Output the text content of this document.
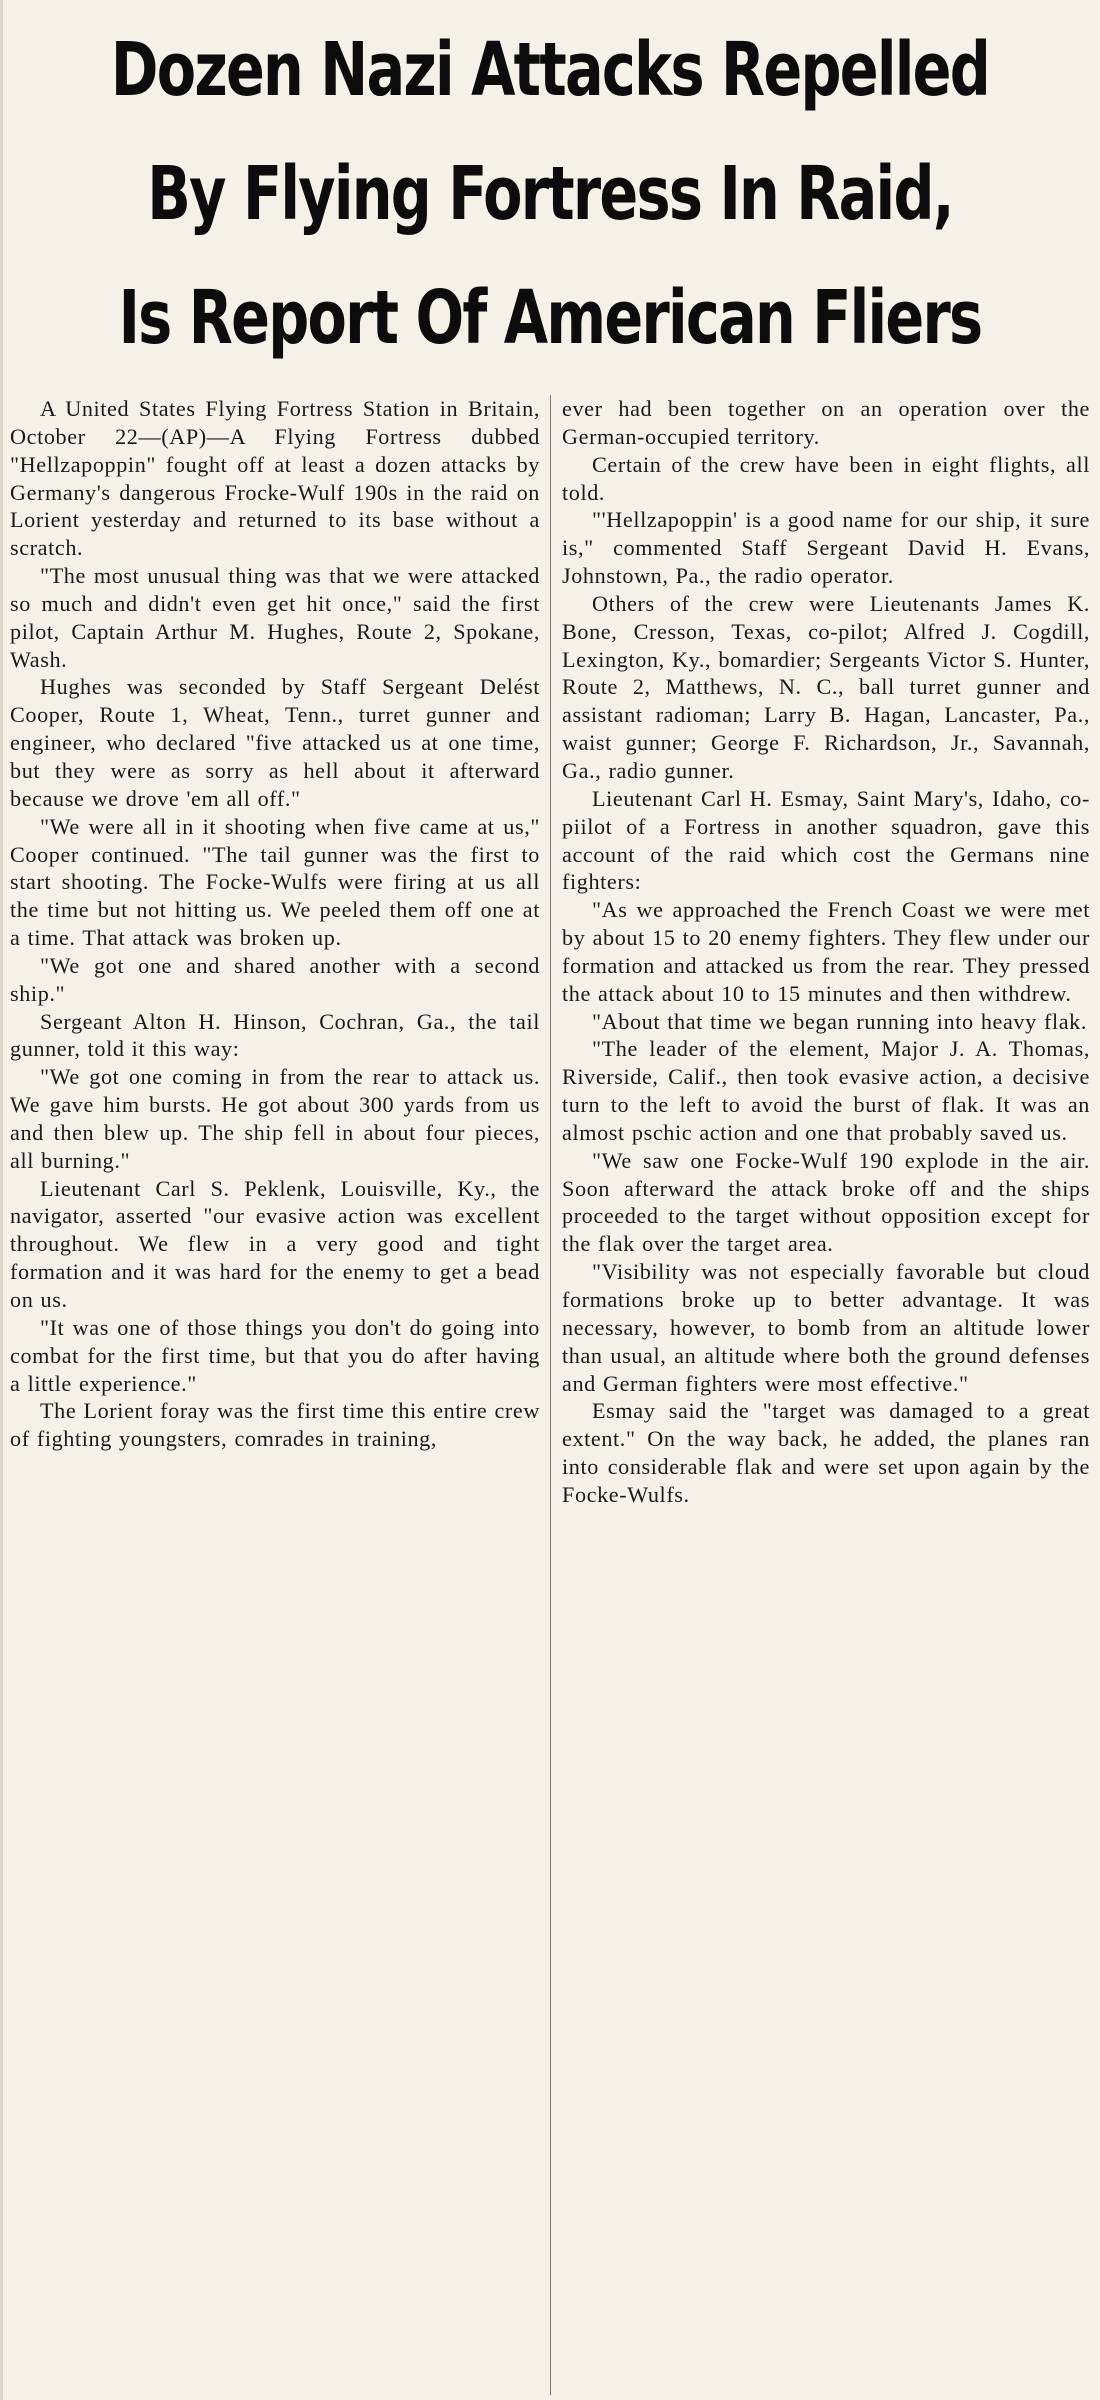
Dozen Nazi Attacks Repelled
By Flying Fortress In Raid,
Is Report Of American Fliers

A United States Flying Fortress Station in Britain, October 22—(AP)—A Flying Fortress dubbed "Hellzapoppin" fought off at least a dozen attacks by Germany's dangerous Frocke-Wulf 190s in the raid on Lorient yesterday and returned to its base without a scratch.

"The most unusual thing was that we were attacked so much and didn't even get hit once," said the first pilot, Captain Arthur M. Hughes, Route 2, Spokane, Wash.

Hughes was seconded by Staff Sergeant Delést Cooper, Route 1, Wheat, Tenn., turret gunner and engineer, who declared "five attacked us at one time, but they were as sorry as hell about it afterward because we drove 'em all off."

"We were all in it shooting when five came at us," Cooper continued. "The tail gunner was the first to start shooting. The Focke-Wulfs were firing at us all the time but not hitting us. We peeled them off one at a time. That attack was broken up.

"We got one and shared another with a second ship."

Sergeant Alton H. Hinson, Cochran, Ga., the tail gunner, told it this way:

"We got one coming in from the rear to attack us. We gave him bursts. He got about 300 yards from us and then blew up. The ship fell in about four pieces, all burning."

Lieutenant Carl S. Peklenk, Louisville, Ky., the navigator, asserted "our evasive action was excellent throughout. We flew in a very good and tight formation and it was hard for the enemy to get a bead on us.

"It was one of those things you don't do going into combat for the first time, but that you do after having a little experience."

The Lorient foray was the first time this entire crew of fighting youngsters, comrades in training,

ever had been together on an operation over the German-occupied territory.

Certain of the crew have been in eight flights, all told.

"'Hellzapoppin' is a good name for our ship, it sure is," commented Staff Sergeant David H. Evans, Johnstown, Pa., the radio operator.

Others of the crew were Lieutenants James K. Bone, Cresson, Texas, co-pilot; Alfred J. Cogdill, Lexington, Ky., bomardier; Sergeants Victor S. Hunter, Route 2, Matthews, N. C., ball turret gunner and assistant radioman; Larry B. Hagan, Lancaster, Pa., waist gunner; George F. Richardson, Jr., Savannah, Ga., radio gunner.

Lieutenant Carl H. Esmay, Saint Mary's, Idaho, co-piilot of a Fortress in another squadron, gave this account of the raid which cost the Germans nine fighters:

"As we approached the French Coast we were met by about 15 to 20 enemy fighters. They flew under our formation and attacked us from the rear. They pressed the attack about 10 to 15 minutes and then withdrew.

"About that time we began running into heavy flak.

"The leader of the element, Major J. A. Thomas, Riverside, Calif., then took evasive action, a decisive turn to the left to avoid the burst of flak. It was an almost pschic action and one that probably saved us.

"We saw one Focke-Wulf 190 explode in the air. Soon afterward the attack broke off and the ships proceeded to the target without opposition except for the flak over the target area.

"Visibility was not especially favorable but cloud formations broke up to better advantage. It was necessary, however, to bomb from an altitude lower than usual, an altitude where both the ground defenses and German fighters were most effective."

Esmay said the "target was damaged to a great extent." On the way back, he added, the planes ran into considerable flak and were set upon again by the Focke-Wulfs.
